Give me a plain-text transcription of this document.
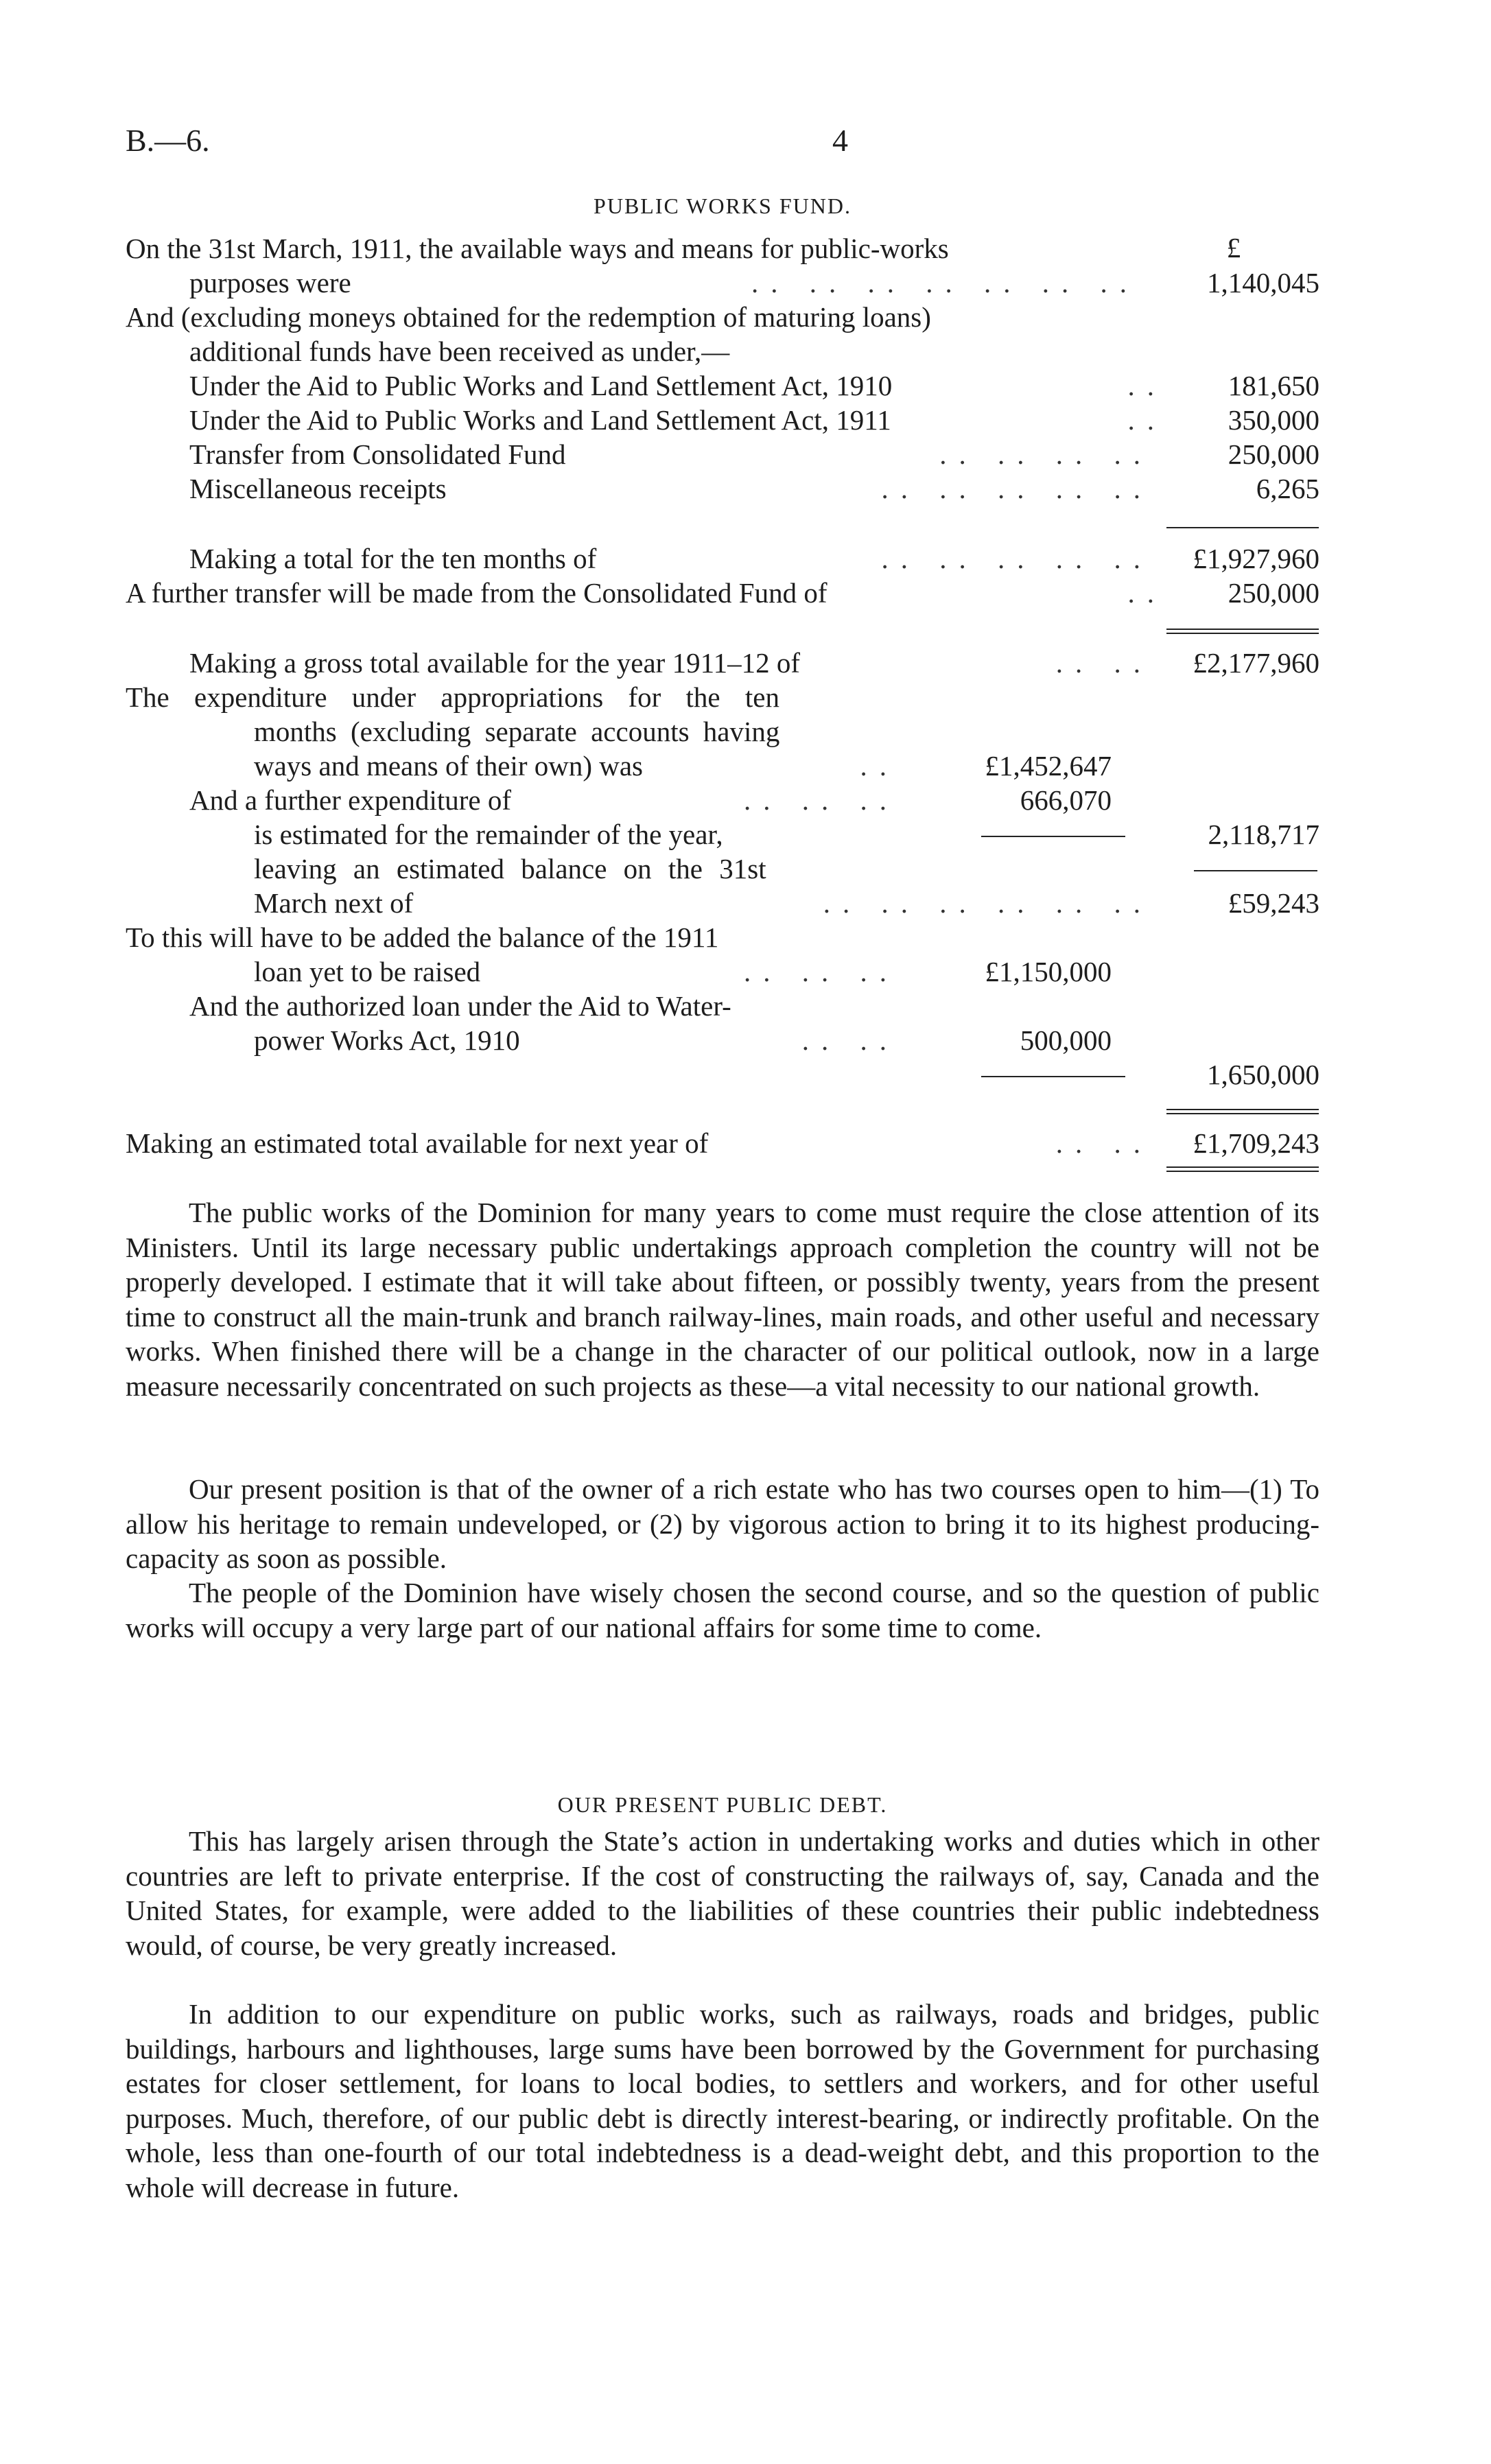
B.—6.	4
PUBLIC WORKS FUND.
£
On the 31st March, 1911, the available ways and means for public-works
purposes were	.. .. .. .. .. .. ..	1,140,045
And (excluding moneys obtained for the redemption of maturing loans)
additional funds have been received as under,—
Under the Aid to Public Works and Land Settlement Act, 1910	..	181,650
Under the Aid to Public Works and Land Settlement Act, 1911	..	350,000
Transfer from Consolidated Fund	.. .. .. ..	250,000
Miscellaneous receipts	.. .. .. .. ..	6,265
Making a total for the ten months of	.. .. .. .. ..	£1,927,960
A further transfer will be made from the Consolidated Fund of	..	250,000
Making a gross total available for the year 1911–12 of	.. ..	£2,177,960
The expenditure under appropriations for the ten
months (excluding separate accounts having
ways and means of their own) was	..	£1,452,647
And a further expenditure of	.. .. ..	666,070
is estimated for the remainder of the year,	2,118,717
leaving an estimated balance on the 31st
March next of	.. .. .. .. .. ..	£59,243
To this will have to be added the balance of the 1911
loan yet to be raised	.. .. ..	£1,150,000
And the authorized loan under the Aid to Water-
power Works Act, 1910	.. ..	500,000
1,650,000
Making an estimated total available for next year of	.. ..	£1,709,243

The public works of the Dominion for many years to come must require the close attention of its Ministers. Until its large necessary public undertakings approach completion the country will not be properly developed. I estimate that it will take about fifteen, or possibly twenty, years from the present time to construct all the main-trunk and branch railway-lines, main roads, and other useful and necessary works. When finished there will be a change in the character of our political outlook, now in a large measure necessarily concentrated on such projects as these—a vital necessity to our national growth.

Our present position is that of the owner of a rich estate who has two courses open to him—(1) To allow his heritage to remain undeveloped, or (2) by vigorous action to bring it to its highest producing-capacity as soon as possible.

The people of the Dominion have wisely chosen the second course, and so the question of public works will occupy a very large part of our national affairs for some time to come.

OUR PRESENT PUBLIC DEBT.

This has largely arisen through the State’s action in undertaking works and duties which in other countries are left to private enterprise. If the cost of constructing the railways of, say, Canada and the United States, for example, were added to the liabilities of these countries their public indebtedness would, of course, be very greatly increased.

In addition to our expenditure on public works, such as railways, roads and bridges, public buildings, harbours and lighthouses, large sums have been borrowed by the Government for purchasing estates for closer settlement, for loans to local bodies, to settlers and workers, and for other useful purposes. Much, therefore, of our public debt is directly interest-bearing, or indirectly profitable. On the whole, less than one-fourth of our total indebtedness is a dead-weight debt, and this proportion to the whole will decrease in future.
